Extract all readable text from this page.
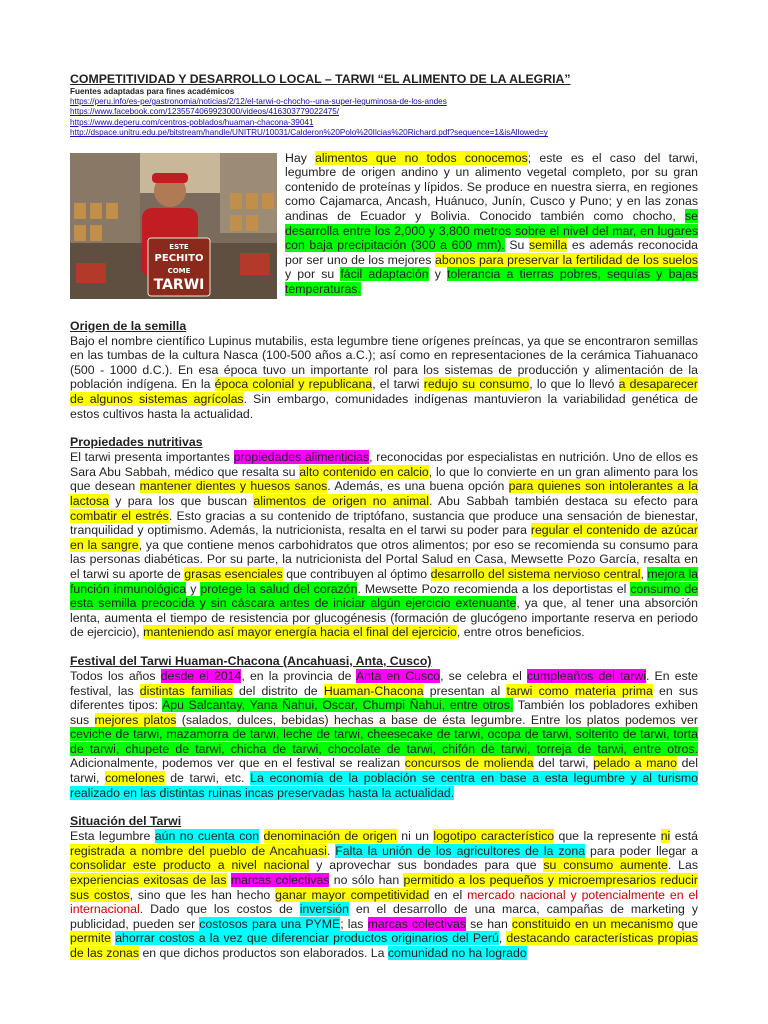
COMPETITIVIDAD Y DESARROLLO LOCAL – TARWI “EL ALIMENTO DE LA ALEGRIA”

Fuentes adaptadas para fines académicos

https://peru.info/es-pe/gastronomia/noticias/2/12/el-tarwi-o-chocho--una-super-leguminosa-de-los-andes
https://www.facebook.com/1235574069923000/videos/416303779022475/
https://www.deperu.com/centros-poblados/huaman-chacona-39041
http://dspace.unitru.edu.pe/bitstream/handle/UNITRU/10031/Calderon%20Polo%20Ilcias%20Richard.pdf?sequence=1&isAllowed=y
ESTE
PECHITO
COME
TARWI

Hay alimentos que no todos conocemos; este es el caso del tarwi, legumbre de origen andino y un alimento vegetal completo, por su gran contenido de proteínas y lípidos. Se produce en nuestra sierra, en regiones como Cajamarca, Ancash, Huánuco, Junín, Cusco y Puno; y en las zonas andinas de Ecuador y Bolivia. Conocido también como chocho, se desarrolla entre los 2,000 y 3,800 metros sobre el nivel del mar, en lugares con baja precipitación (300 a 600 mm). Su semilla es además reconocida por ser uno de los mejores abonos para preservar la fertilidad de los suelos y por su fácil adaptación y tolerancia a tierras pobres, sequías y bajas temperaturas.

Origen de la semilla

Bajo el nombre científico Lupinus mutabilis, esta legumbre tiene orígenes preíncas, ya que se encontraron semillas en las tumbas de la cultura Nasca (100-500 años a.C.); así como en representaciones de la cerámica Tiahuanaco (500 - 1000 d.C.). En esa época tuvo un importante rol para los sistemas de producción y alimentación de la población indígena. En la época colonial y republicana, el tarwi redujo su consumo, lo que lo llevó a desaparecer de algunos sistemas agrícolas. Sin embargo, comunidades indígenas mantuvieron la variabilidad genética de estos cultivos hasta la actualidad.

Propiedades nutritivas

El tarwi presenta importantes propiedades alimenticias, reconocidas por especialistas en nutrición. Uno de ellos es Sara Abu Sabbah, médico que resalta su alto contenido en calcio, lo que lo convierte en un gran alimento para los que desean mantener dientes y huesos sanos. Además, es una buena opción para quienes son intolerantes a la lactosa y para los que buscan alimentos de origen no animal. Abu Sabbah también destaca su efecto para combatir el estrés. Esto gracias a su contenido de triptófano, sustancia que produce una sensación de bienestar, tranquilidad y optimismo. Además, la nutricionista, resalta en el tarwi su poder para regular el contenido de azúcar en la sangre, ya que contiene menos carbohidratos que otros alimentos; por eso se recomienda su consumo para las personas diabéticas. Por su parte, la nutricionista del Portal Salud en Casa, Mewsette Pozo García, resalta en el tarwi su aporte de grasas esenciales que contribuyen al óptimo desarrollo del sistema nervioso central, mejora la función inmunológica y protege la salud del corazón. Mewsette Pozo recomienda a los deportistas el consumo de esta semilla precocida y sin cáscara antes de iniciar algún ejercicio extenuante, ya que, al tener una absorción lenta, aumenta el tiempo de resistencia por glucogénesis (formación de glucógeno importante reserva en periodo de ejercicio), manteniendo así mayor energía hacia el final del ejercicio, entre otros beneficios.

Festival del Tarwi Huaman-Chacona (Ancahuasi, Anta, Cusco)

Todos los años desde el 2014, en la provincia de Anta en Cusco, se celebra el cumpleaños del tarwi. En este festival, las distintas familias del distrito de Huaman-Chacona presentan al tarwi como materia prima en sus diferentes tipos: Apu Salcantay, Yana Ñahui, Oscar, Chumpi Ñahui, entre otros. También los pobladores exhiben sus mejores platos (salados, dulces, bebidas) hechas a base de ésta legumbre. Entre los platos podemos ver ceviche de tarwi, mazamorra de tarwi, leche de tarwi, cheesecake de tarwi, ocopa de tarwi, solterito de tarwi, torta de tarwi, chupete de tarwi, chicha de tarwi, chocolate de tarwi, chifón de tarwi, torreja de tarwi, entre otros. Adicionalmente, podemos ver que en el festival se realizan concursos de molienda del tarwi, pelado a mano del tarwi, comelones de tarwi, etc. La economía de la población se centra en base a esta legumbre y al turismo realizado en las distintas ruinas incas preservadas hasta la actualidad.

Situación del Tarwi

Esta legumbre aún no cuenta con denominación de origen ni un logotipo característico que la represente ni está registrada a nombre del pueblo de Ancahuasi. Falta la unión de los agricultores de la zona para poder llegar a consolidar este producto a nivel nacional y aprovechar sus bondades para que su consumo aumente. Las experiencias exitosas de las marcas colectivas no sólo han permitido a los pequeños y microempresarios reducir sus costos, sino que les han hecho ganar mayor competitividad en el mercado nacional y potencialmente en el internacional. Dado que los costos de inversión en el desarrollo de una marca, campañas de marketing y publicidad, pueden ser costosos para una PYME; las marcas colectivas se han constituido en un mecanismo que permite ahorrar costos a la vez que diferenciar productos originarios del Perú, destacando características propias de las zonas en que dichos productos son elaborados. La comunidad no ha logrado
